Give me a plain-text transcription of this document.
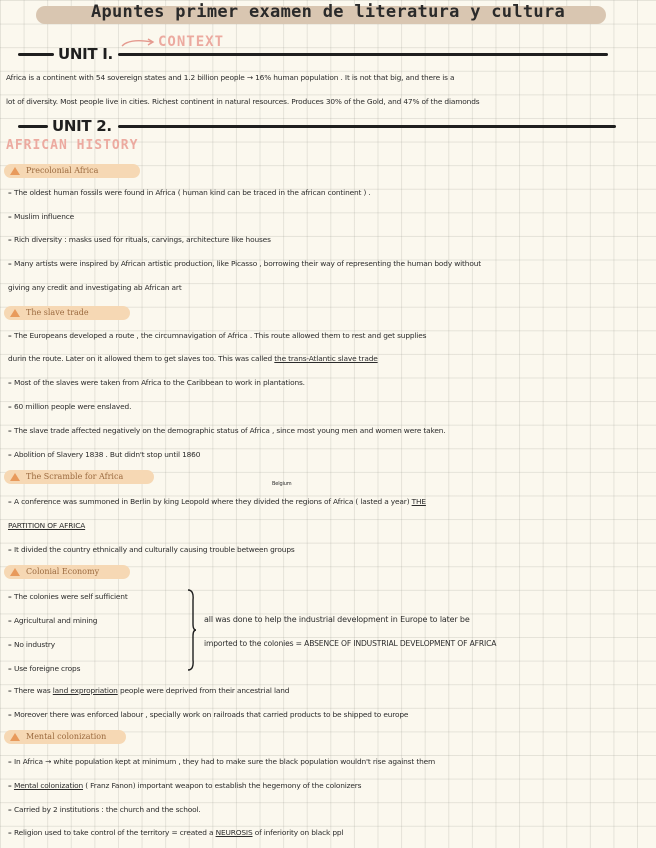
Apuntes primer examen de literatura y cultura
UNIT I.
CONTEXT
Africa is a continent with 54 sovereign states and 1.2 billion people → 16% human population . It is not that big, and there is a
lot of diversity. Most people live in cities. Richest continent in natural resources. Produces 30% of the Gold, and 47% of the diamonds
UNIT 2.
AFRICAN HISTORY
Precolonial Africa
– The oldest human fossils were found in Africa ( human kind can be traced in the african continent ) .
– Muslim influence
– Rich diversity : masks used for rituals, carvings, architecture like houses
– Many artists were inspired by African artistic production, like Picasso , borrowing their way of representing the human body without
giving any credit and investigating ab African art
The slave trade
– The Europeans developed a route , the circumnavigation of Africa . This route allowed them to rest and get supplies
durin the route. Later on it allowed them to get slaves too. This was called the trans-Atlantic slave trade
– Most of the slaves were taken from Africa to the Caribbean to work in plantations.
– 60 million people were enslaved.
– The slave trade affected negatively on the demographic status of Africa , since most young men and women were taken.
– Abolition of Slavery 1838 . But didn't stop until 1860
The Scramble for Africa
Belgium
– A conference was summoned in Berlin by king Leopold where they divided the regions of Africa ( lasted a year) THE
PARTITION OF AFRICA
– It divided the country ethnically and culturally causing trouble between groups
Colonial Economy
– The colonies were self sufficient
– Agricultural and mining
– No industry
– Use foreigne crops
all was done to help the industrial development in Europe to later be
imported to the colonies = ABSENCE OF INDUSTRIAL DEVELOPMENT OF AFRICA
– There was land expropriation people were deprived from their ancestrial land
– Moreover there was enforced labour , specially work on railroads that carried products to be shipped to europe
Mental colonization
– In Africa → white population kept at minimum , they had to make sure the black population wouldn't rise against them
– Mental colonization ( Franz Fanon) important weapon to establish the hegemony of the colonizers
– Carried by 2 institutions : the church and the school.
– Religion used to take control of the territory = created a NEUROSIS of inferiority on black ppl
